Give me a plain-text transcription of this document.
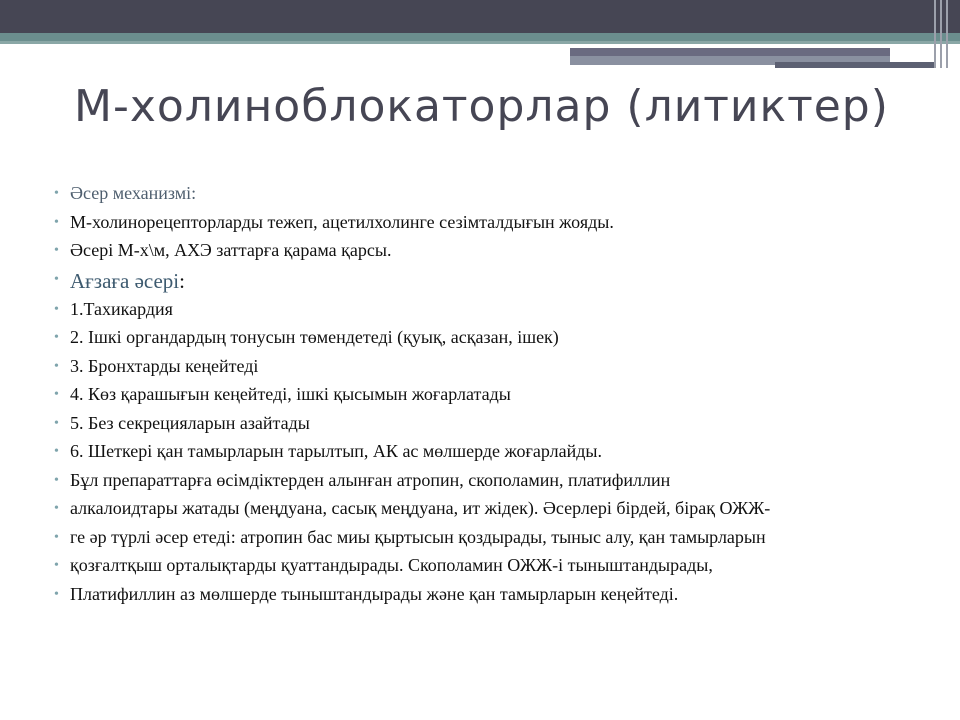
М-холиноблокаторлар (литиктер)
• Әсер механизмі:
• М-холинорецепторларды тежеп, ацетилхолинге сезімталдығын жояды.
• Әсері М-х\м, АХЭ заттарға қарама қарсы.
• Ағзаға әсері:
• 1.Тахикардия
• 2. Ішкі органдардың тонусын төмендетеді (қуық, асқазан, ішек)
• 3. Бронхтарды кеңейтеді
• 4. Көз қарашығын кеңейтеді, ішкі қысымын жоғарлатады
• 5. Без секрецияларын азайтады
• 6. Шеткері қан тамырларын тарылтып, АК ас мөлшерде жоғарлайды.
• Бұл препараттарға өсімдіктерден алынған атропин, скополамин, платифиллин
• алкалоидтары жатады (меңдуана, сасық меңдуана, ит жідек). Әсерлері бірдей, бірақ ОЖЖ-
• ге әр түрлі әсер етеді: атропин бас миы қыртысын қоздырады, тыныс алу, қан тамырларын
• қозғалтқыш орталықтарды қуаттандырады. Скополамин ОЖЖ-і тыныштандырады,
• Платифиллин аз мөлшерде тыныштандырады және қан тамырларын кеңейтеді.
